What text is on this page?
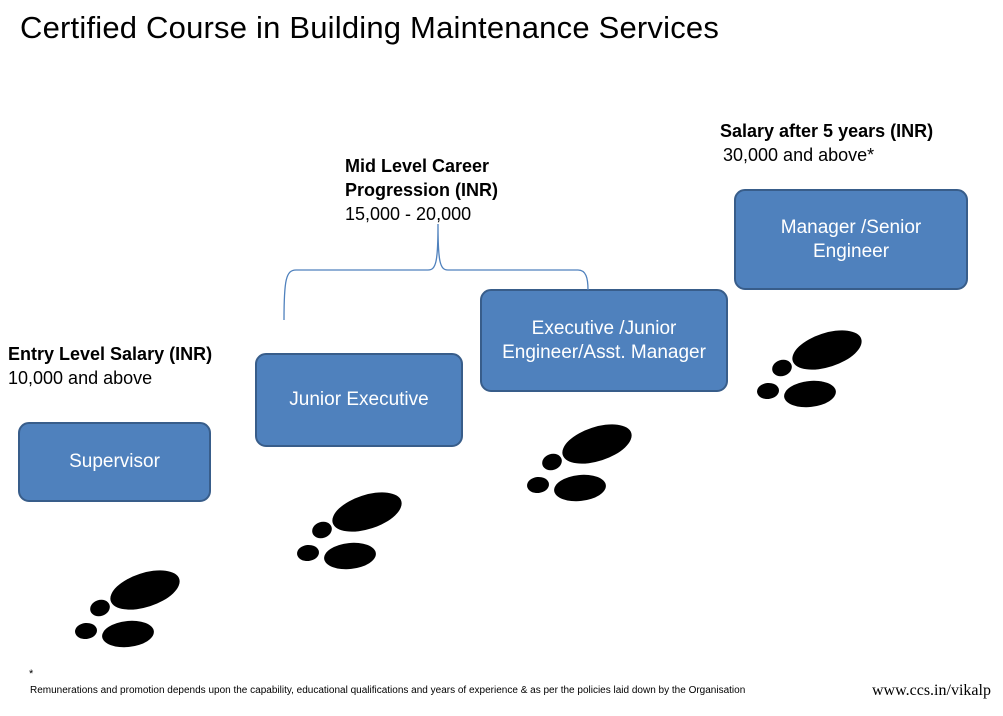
Certified Course in Building Maintenance Services
Entry Level Salary (INR)
10,000 and above
Mid Level Career
Progression (INR)
15,000 - 20,000
Salary after 5 years (INR)
30,000 and above*
Supervisor
Junior Executive
Executive /Junior
Engineer/Asst. Manager
Manager /Senior
Engineer
*
Remunerations and promotion depends upon the capability, educational qualifications and years of experience & as per the policies laid down by the Organisation	www.ccs.in/vikalp
